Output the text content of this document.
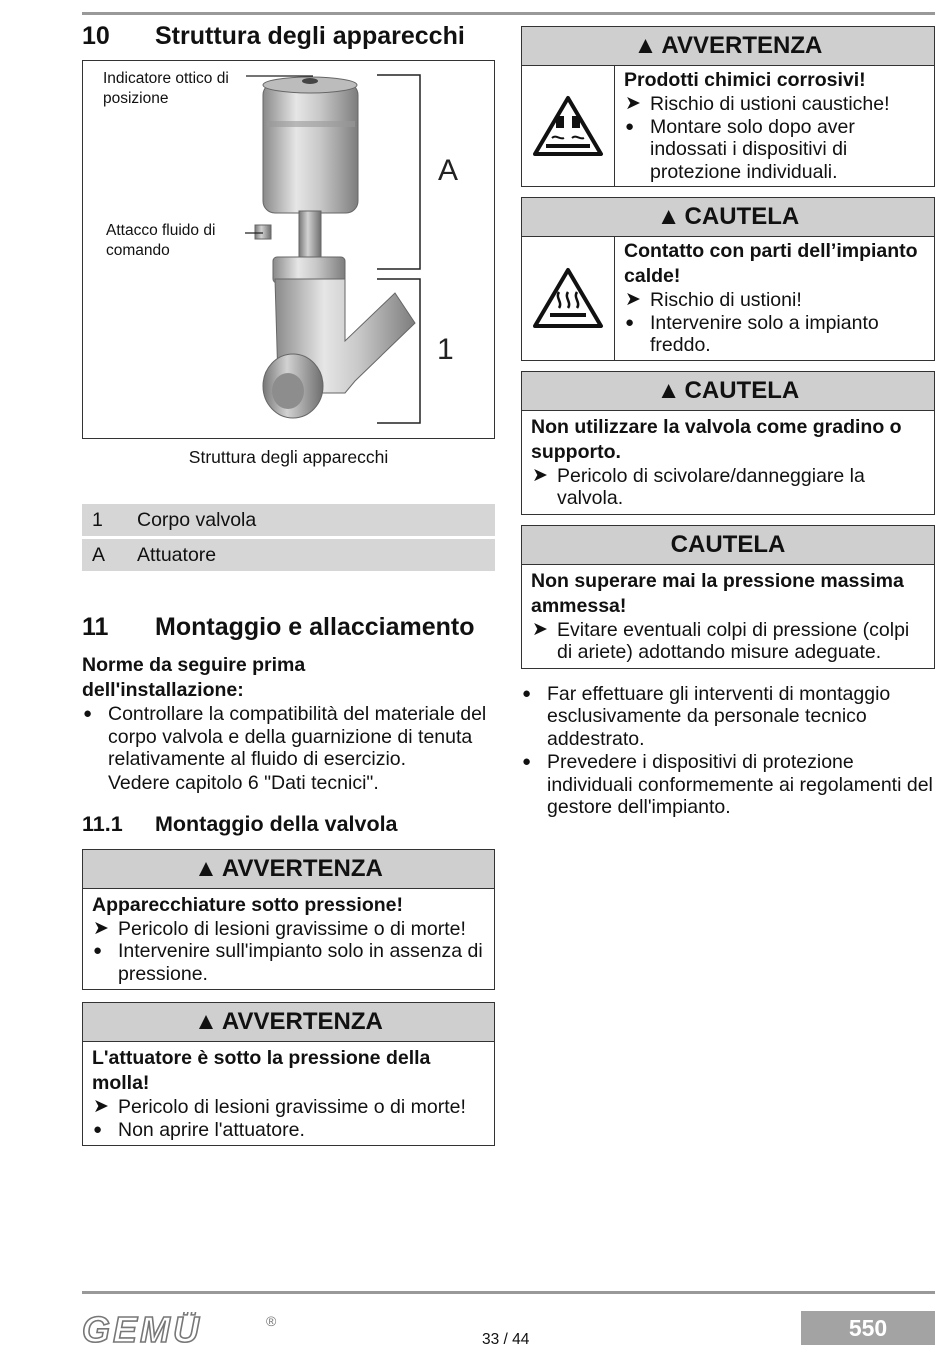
10	Struttura degli apparecchi
Indicatore ottico di posizione
Attacco fluido di comando
A
1
Struttura degli apparecchi
1	Corpo valvola
A	Attuatore
11	Montaggio e allacciamento
Norme da seguire prima dell'installazione:
● Controllare la compatibilità del materiale del corpo valvola e della guarnizione di tenuta relativamente al fluido di esercizio.
Vedere capitolo 6 "Dati tecnici".
11.1	Montaggio della valvola
▲ AVVERTENZA
Apparecchiature sotto pressione!
➤ Pericolo di lesioni gravissime o di morte!
● Intervenire sull'impianto solo in assenza di pressione.
▲ AVVERTENZA
L'attuatore è sotto la pressione della molla!
➤ Pericolo di lesioni gravissime o di morte!
● Non aprire l'attuatore.
▲ AVVERTENZA
Prodotti chimici corrosivi!
➤ Rischio di ustioni caustiche!
● Montare solo dopo aver indossati i dispositivi di protezione individuali.
▲ CAUTELA
Contatto con parti dell’impianto calde!
➤ Rischio di ustioni!
● Intervenire solo a impianto freddo.
▲ CAUTELA
Non utilizzare la valvola come gradino o supporto.
➤ Pericolo di scivolare/danneggiare la valvola.
CAUTELA
Non superare mai la pressione massima ammessa!
➤ Evitare eventuali colpi di pressione (colpi di ariete) adottando misure adeguate.
● Far effettuare gli interventi di montaggio esclusivamente da personale tecnico addestrato.
● Prevedere i dispositivi di protezione individuali conformemente ai regolamenti del gestore dell'impianto.
GEMÜ	®
33 / 44	550
